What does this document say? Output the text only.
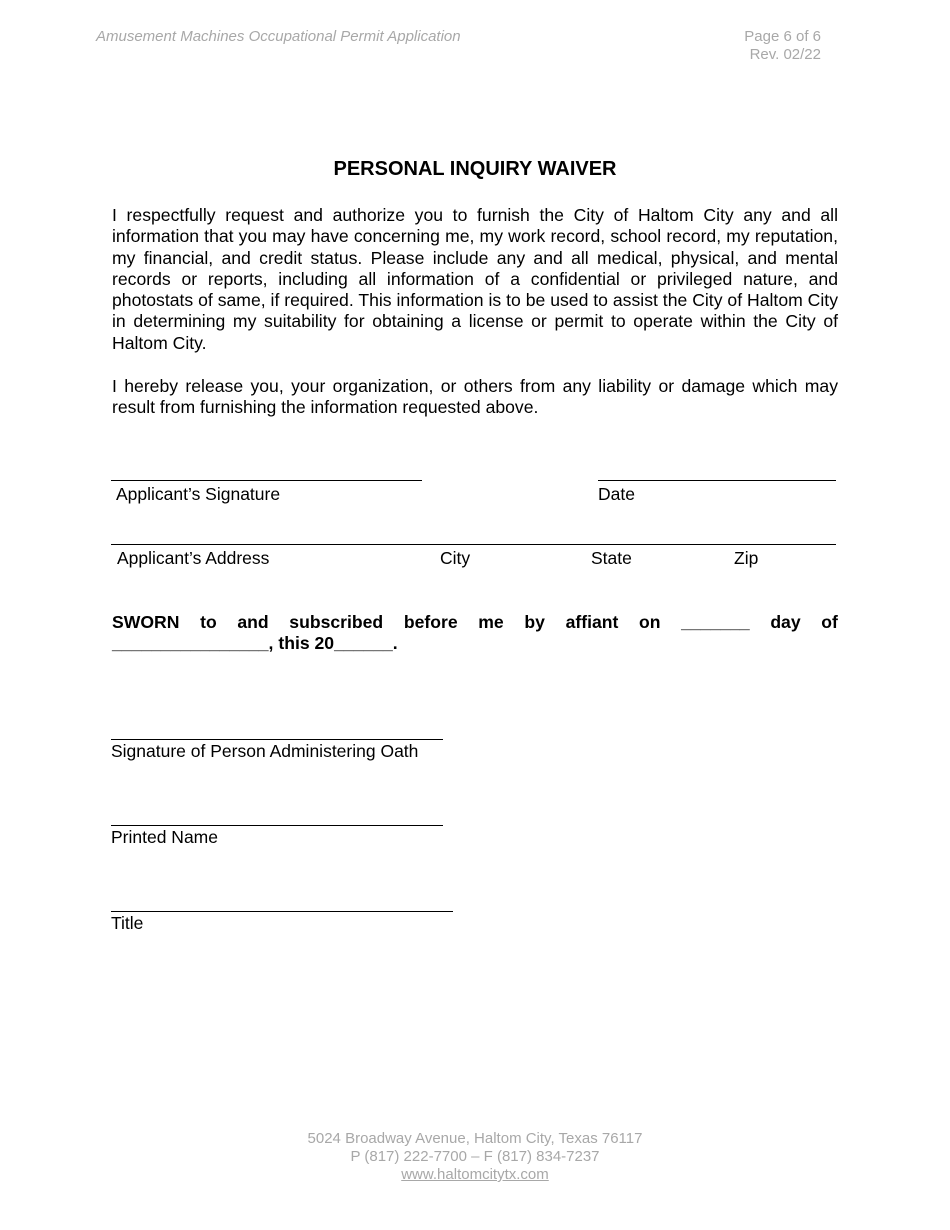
Amusement Machines Occupational Permit Application	Page 6 of 6
Rev. 02/22
PERSONAL INQUIRY WAIVER
I respectfully request and authorize you to furnish the City of Haltom City any and all information that you may have concerning me, my work record, school record, my reputation, my financial, and credit status. Please include any and all medical, physical, and mental records or reports, including all information of a confidential or privileged nature, and photostats of same, if required. This information is to be used to assist the City of Haltom City in determining my suitability for obtaining a license or permit to operate within the City of Haltom City.
I hereby release you, your organization, or others from any liability or damage which may result from furnishing the information requested above.
Applicant’s Signature	Date
Applicant’s Address	City	State	Zip
SWORN to and subscribed before me by affiant on _______ day of
________________, this 20______.
Signature of Person Administering Oath
Printed Name
Title
5024 Broadway Avenue, Haltom City, Texas 76117
P (817) 222-7700 – F (817) 834-7237
www.haltomcitytx.com
